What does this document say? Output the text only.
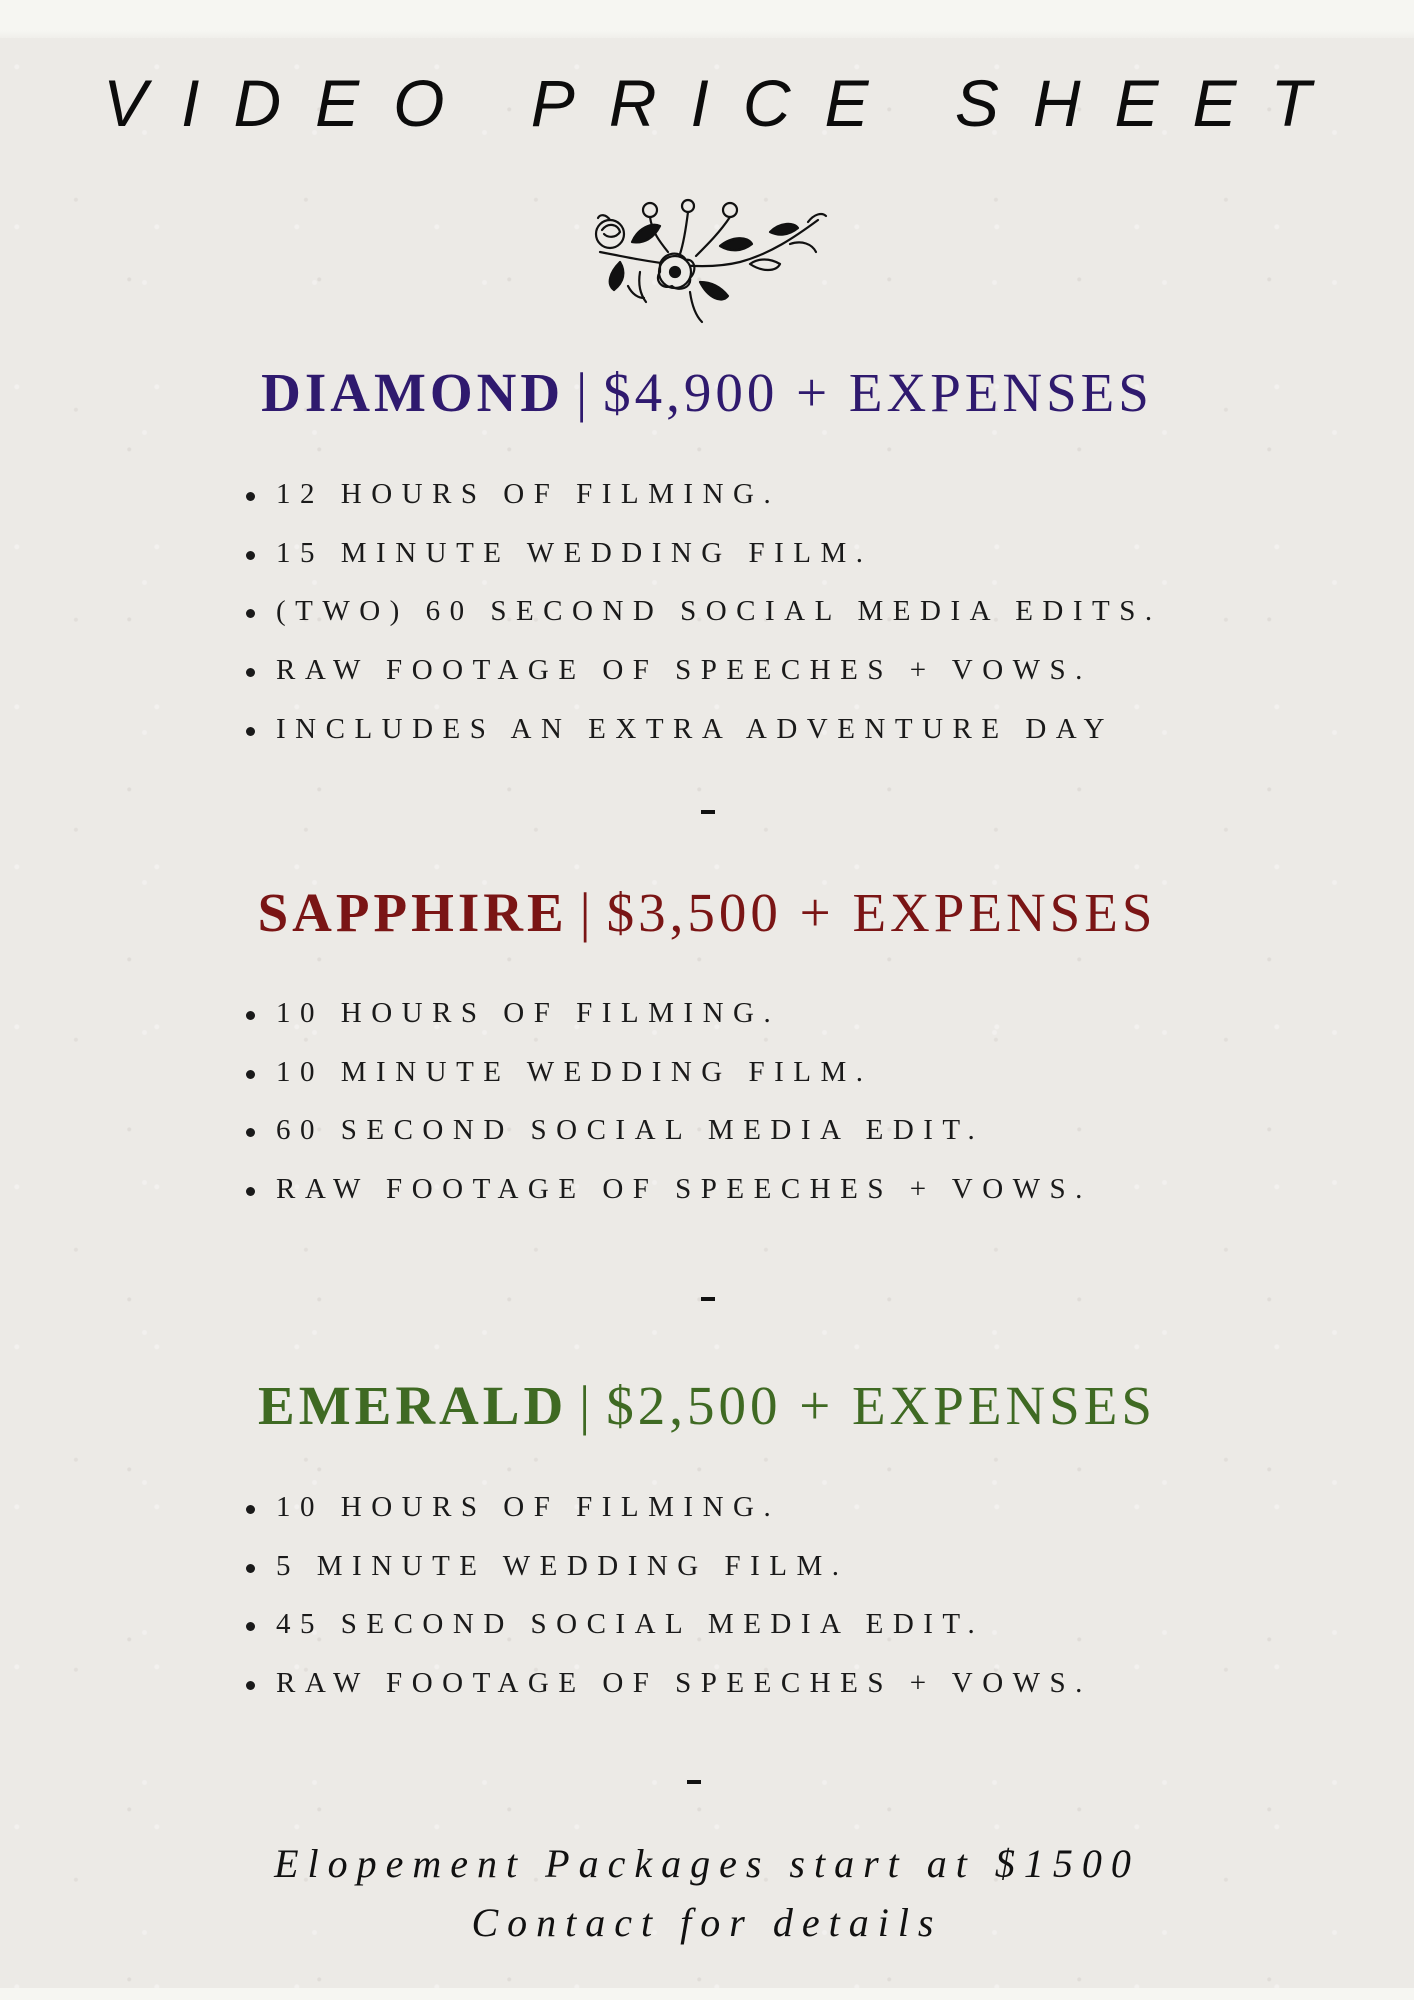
VIDEO PRICE SHEET
DIAMOND | $4,900 + EXPENSES
12 HOURS OF FILMING.
15 MINUTE WEDDING FILM.
(TWO) 60 SECOND SOCIAL MEDIA EDITS.
RAW FOOTAGE OF SPEECHES + VOWS.
INCLUDES AN EXTRA ADVENTURE DAY
SAPPHIRE | $3,500 + EXPENSES
10 HOURS OF FILMING.
10 MINUTE WEDDING FILM.
60 SECOND SOCIAL MEDIA EDIT.
RAW FOOTAGE OF SPEECHES + VOWS.
EMERALD | $2,500 + EXPENSES
10 HOURS OF FILMING.
5 MINUTE WEDDING FILM.
45 SECOND SOCIAL MEDIA EDIT.
RAW FOOTAGE OF SPEECHES + VOWS.
Elopement Packages start at $1500
Contact for details
